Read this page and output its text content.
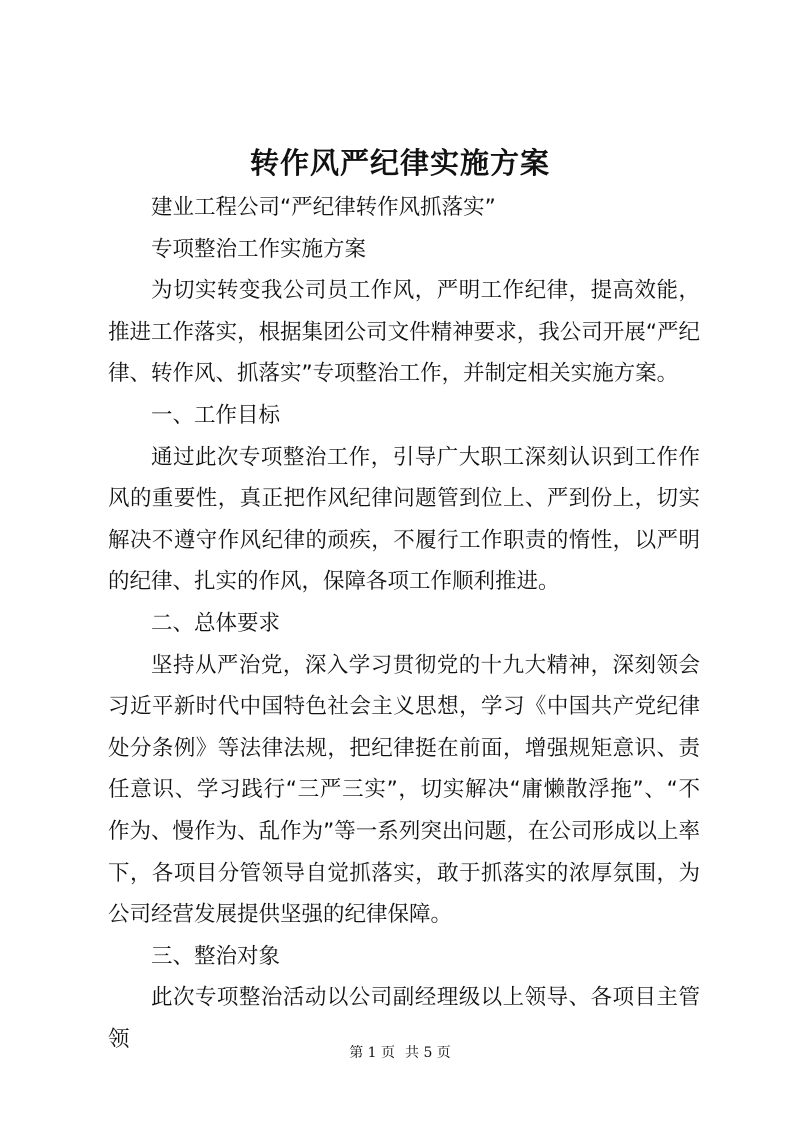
转作风严纪律实施方案

建业工程公司“严纪律转作风抓落实”

专项整治工作实施方案

为切实转变我公司员工作风，严明工作纪律，提高效能，推进工作落实，根据集团公司文件精神要求，我公司开展“严纪律、转作风、抓落实”专项整治工作，并制定相关实施方案。

一、工作目标

通过此次专项整治工作，引导广大职工深刻认识到工作作风的重要性，真正把作风纪律问题管到位上、严到份上，切实解决不遵守作风纪律的顽疾，不履行工作职责的惰性，以严明的纪律、扎实的作风，保障各项工作顺利推进。

二、总体要求

坚持从严治党，深入学习贯彻党的十九大精神，深刻领会习近平新时代中国特色社会主义思想，学习《中国共产党纪律处分条例》等法律法规，把纪律挺在前面，增强规矩意识、责任意识、学习践行“三严三实”，切实解决“庸懒散浮拖”、“不作为、慢作为、乱作为”等一系列突出问题，在公司形成以上率下，各项目分管领导自觉抓落实，敢于抓落实的浓厚氛围，为公司经营发展提供坚强的纪律保障。

三、整治对象

此次专项整治活动以公司副经理级以上领导、各项目主管领

第 1 页 共 5 页
